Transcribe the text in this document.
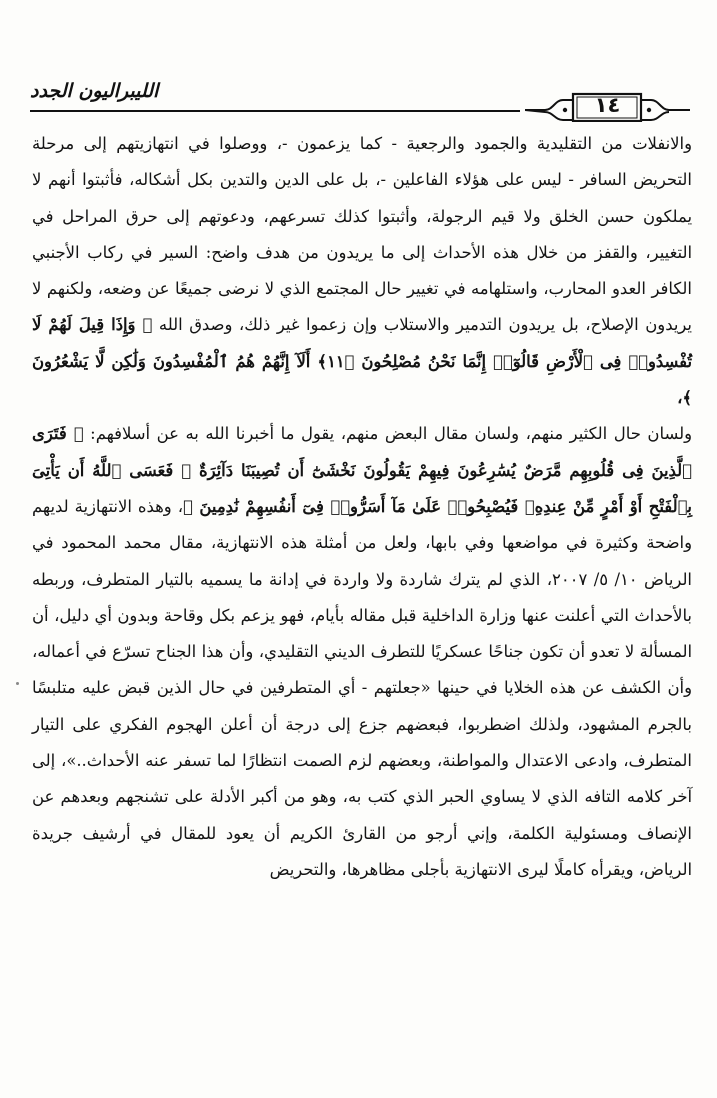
الليبراليون الجدد
١٤

والانفلات من التقليدية والجمود والرجعية - كما يزعمون -، ووصلوا في انتهازيتهم إلى مرحلة التحريض السافر - ليس على هؤلاء الفاعلين -، بل على الدين والتدين بكل أشكاله، فأثبتوا أنهم لا يملكون حسن الخلق ولا قيم الرجولة، وأثبتوا كذلك تسرعهم، ودعوتهم إلى حرق المراحل في التغيير، والقفز من خلال هذه الأحداث إلى ما يريدون من هدف واضح: السير في ركاب الأجنبي الكافر العدو المحارب، واستلهامه في تغيير حال المجتمع الذي لا نرضى جميعًا عن وضعه، ولكنهم لا يريدون الإصلاح، بل يريدون التدمير والاستلاب وإن زعموا غير ذلك، وصدق الله ﴿ وَإِذَا قِيلَ لَهُمْ لَا تُفْسِدُوا۟ فِى ٱلْأَرْضِ قَالُوٓا۟ إِنَّمَا نَحْنُ مُصْلِحُونَ ﴿١١﴾ أَلَآ إِنَّهُمْ هُمُ ٱلْمُفْسِدُونَ وَلَٰكِن لَّا يَشْعُرُونَ ﴾،

ولسان حال الكثير منهم، ولسان مقال البعض منهم، يقول ما أخبرنا الله به عن أسلافهم: ﴿ فَتَرَى ٱلَّذِينَ فِى قُلُوبِهِم مَّرَضٌ يُسَٰرِعُونَ فِيهِمْ يَقُولُونَ نَخْشَىٰٓ أَن تُصِيبَنَا دَآئِرَةٌ ۚ فَعَسَى ٱللَّهُ أَن يَأْتِىَ بِٱلْفَتْحِ أَوْ أَمْرٍ مِّنْ عِندِهِۦ فَيُصْبِحُوا۟ عَلَىٰ مَآ أَسَرُّوا۟ فِىٓ أَنفُسِهِمْ نَٰدِمِينَ ﴾، وهذه الانتهازية لديهم واضحة وكثيرة في مواضعها وفي بابها، ولعل من أمثلة هذه الانتهازية، مقال محمد المحمود في الرياض ١٠/ ٥/ ٢٠٠٧، الذي لم يترك شاردة ولا واردة في إدانة ما يسميه بالتيار المتطرف، وربطه بالأحداث التي أعلنت عنها وزارة الداخلية قبل مقاله بأيام، فهو يزعم بكل وقاحة وبدون أي دليل، أن المسألة لا تعدو أن تكون جناحًا عسكريًا للتطرف الديني التقليدي، وأن هذا الجناح تسرّع في أعماله، وأن الكشف عن هذه الخلايا في حينها «جعلتهم - أي المتطرفين في حال الذين قبض عليه متلبسًا بالجرم المشهود، ولذلك اضطربوا، فبعضهم جزع إلى درجة أن أعلن الهجوم الفكري على التيار المتطرف، وادعى الاعتدال والمواطنة، وبعضهم لزم الصمت انتظارًا لما تسفر عنه الأحداث..»، إلى آخر كلامه التافه الذي لا يساوي الحبر الذي كتب به، وهو من أكبر الأدلة على تشنجهم وبعدهم عن الإنصاف ومسئولية الكلمة، وإني أرجو من القارئ الكريم أن يعود للمقال في أرشيف جريدة الرياض، ويقرأه كاملًا ليرى الانتهازية بأجلى مظاهرها، والتحريض
